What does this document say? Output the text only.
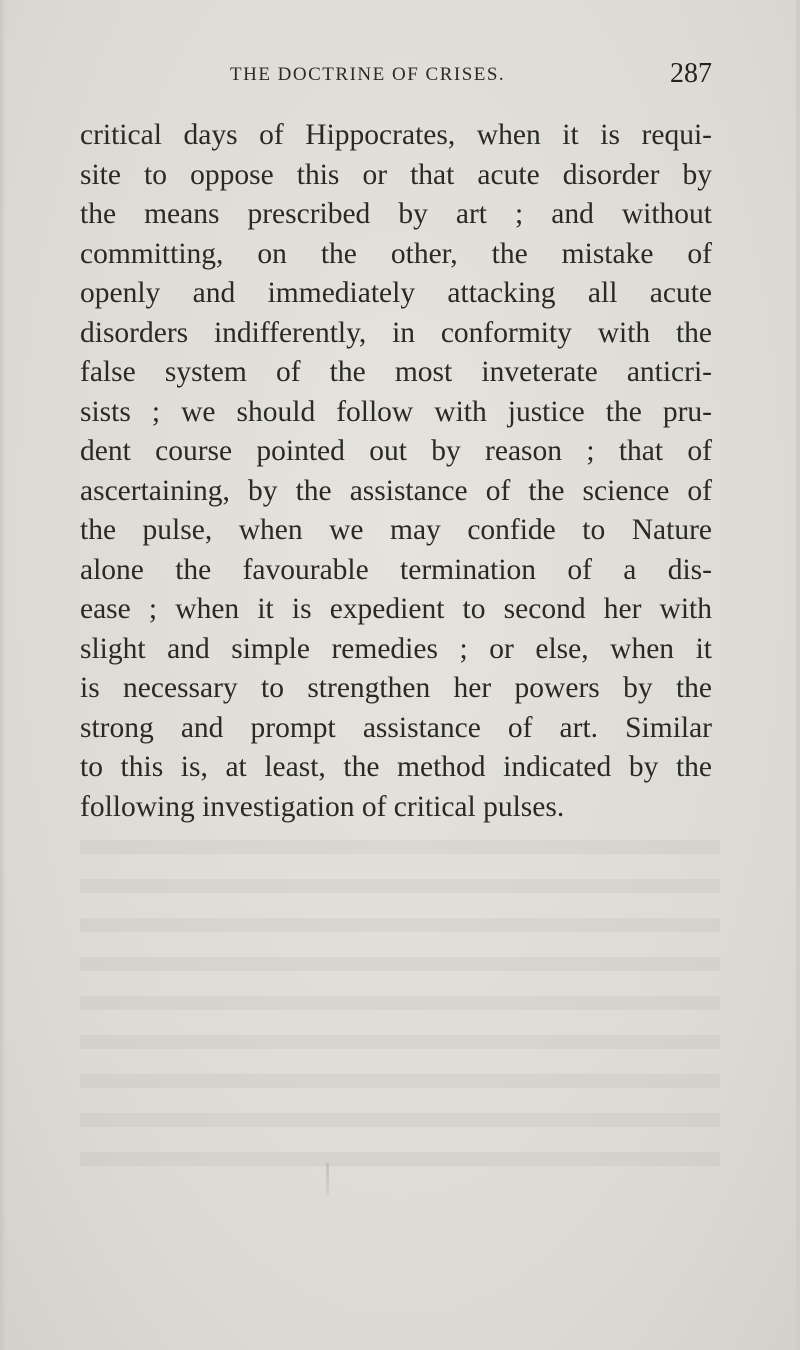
THE DOCTRINE OF CRISES.	287
critical days of Hippocrates, when it is requi-
site to oppose this or that acute disorder by
the means prescribed by art ; and without
committing, on the other, the mistake of
openly and immediately attacking all acute
disorders indifferently, in conformity with the
false system of the most inveterate anticri-
sists ; we should follow with justice the pru-
dent course pointed out by reason ; that of
ascertaining, by the assistance of the science of
the pulse, when we may confide to Nature
alone the favourable termination of a dis-
ease ; when it is expedient to second her with
slight and simple remedies ; or else, when it
is necessary to strengthen her powers by the
strong and prompt assistance of art. Similar
to this is, at least, the method indicated by the
following investigation of critical pulses.
